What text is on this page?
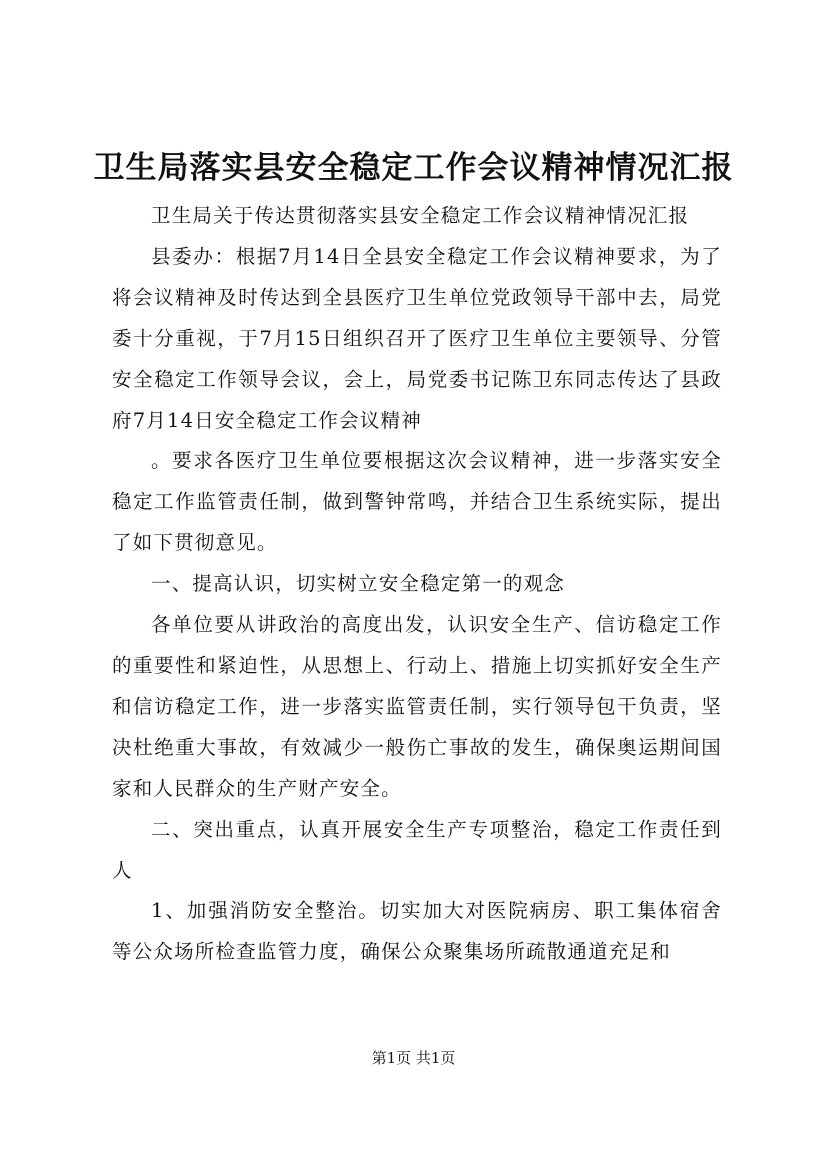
卫生局落实县安全稳定工作会议精神情况汇报

卫生局关于传达贯彻落实县安全稳定工作会议精神情况汇报

县委办：根据7月14日全县安全稳定工作会议精神要求，为了将会议精神及时传达到全县医疗卫生单位党政领导干部中去，局党委十分重视，于7月15日组织召开了医疗卫生单位主要领导、分管安全稳定工作领导会议，会上，局党委书记陈卫东同志传达了县政府7月14日安全稳定工作会议精神

。要求各医疗卫生单位要根据这次会议精神，进一步落实安全稳定工作监管责任制，做到警钟常鸣，并结合卫生系统实际，提出了如下贯彻意见。

一、提高认识，切实树立安全稳定第一的观念

各单位要从讲政治的高度出发，认识安全生产、信访稳定工作的重要性和紧迫性，从思想上、行动上、措施上切实抓好安全生产和信访稳定工作，进一步落实监管责任制，实行领导包干负责，坚决杜绝重大事故，有效减少一般伤亡事故的发生，确保奥运期间国家和人民群众的生产财产安全。

二、突出重点，认真开展安全生产专项整治，稳定工作责任到人

1、加强消防安全整治。切实加大对医院病房、职工集体宿舍等公众场所检查监管力度，确保公众聚集场所疏散通道充足和

第1页 共1页
